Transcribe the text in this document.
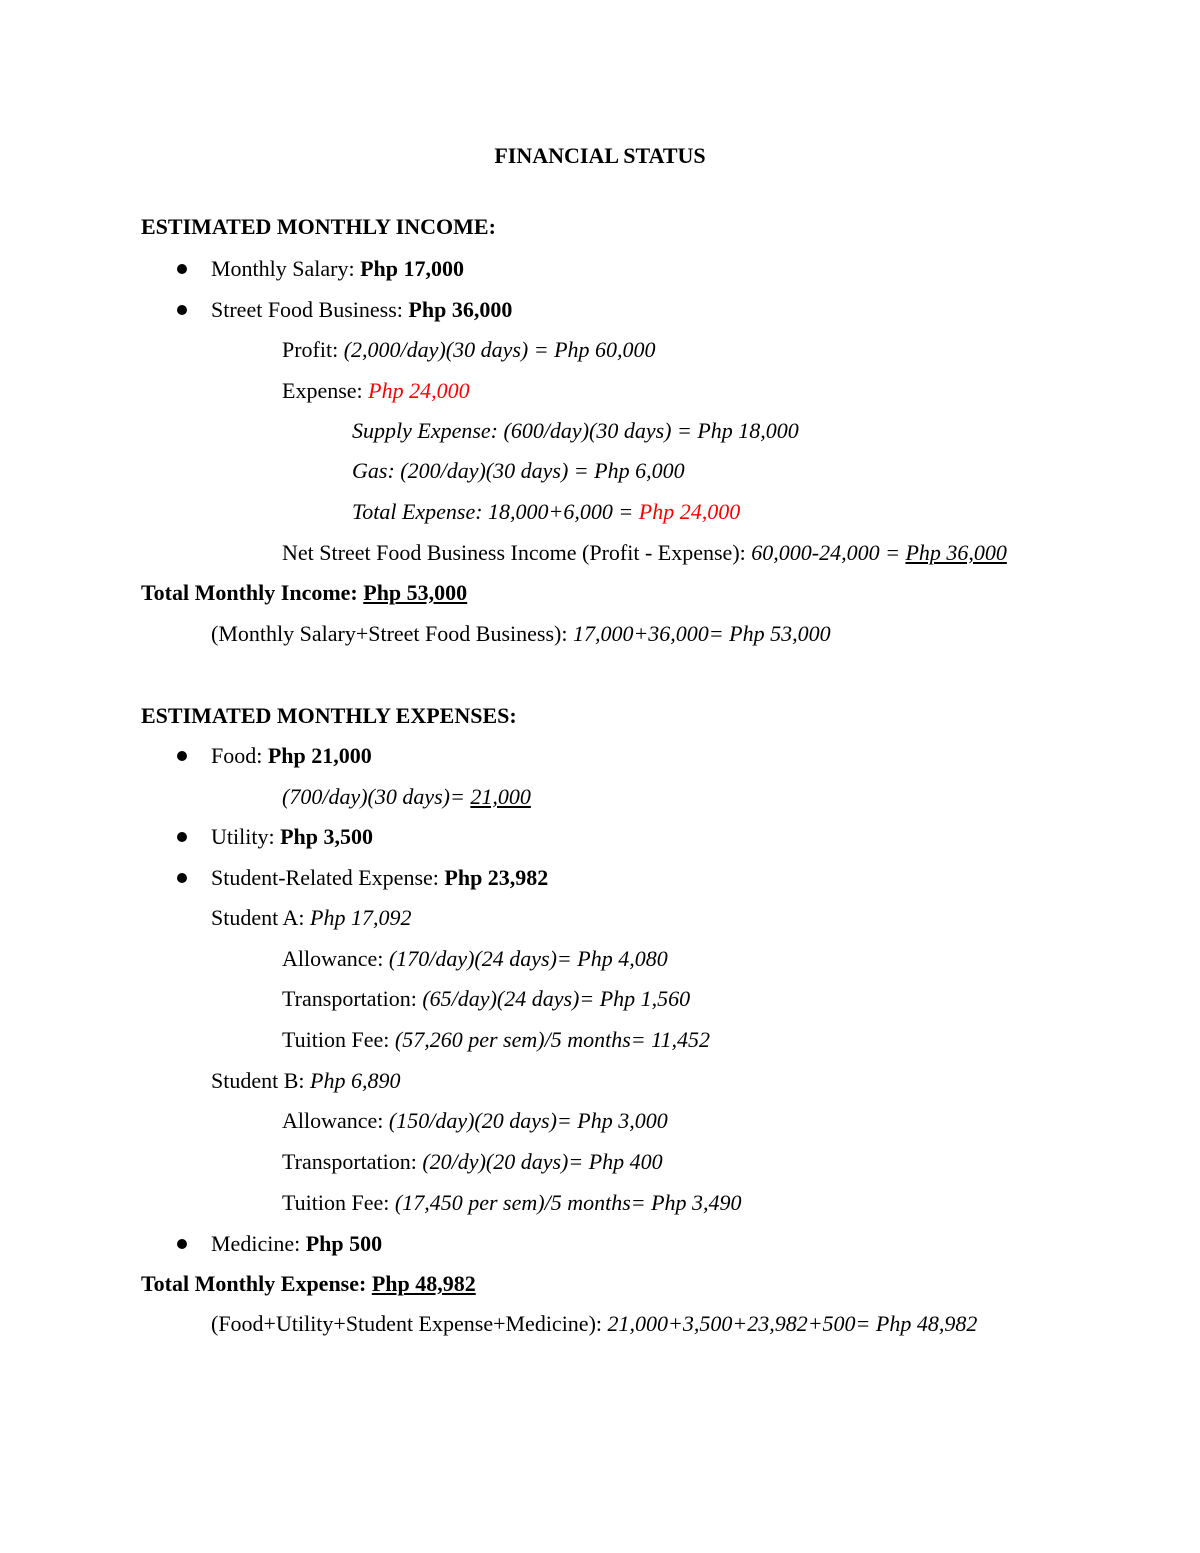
FINANCIAL STATUS
ESTIMATED MONTHLY INCOME:
Monthly Salary: Php 17,000
Street Food Business: Php 36,000
Profit: (2,000/day)(30 days) = Php 60,000
Expense: Php 24,000
Supply Expense: (600/day)(30 days) = Php 18,000
Gas: (200/day)(30 days) = Php 6,000
Total Expense: 18,000+6,000 = Php 24,000
Net Street Food Business Income (Profit - Expense): 60,000-24,000 = Php 36,000
Total Monthly Income: Php 53,000
(Monthly Salary+Street Food Business): 17,000+36,000= Php 53,000
ESTIMATED MONTHLY EXPENSES:
Food: Php 21,000
(700/day)(30 days)= 21,000
Utility: Php 3,500
Student-Related Expense: Php 23,982
Student A: Php 17,092
Allowance: (170/day)(24 days)= Php 4,080
Transportation: (65/day)(24 days)= Php 1,560
Tuition Fee: (57,260 per sem)/5 months= 11,452
Student B: Php 6,890
Allowance: (150/day)(20 days)= Php 3,000
Transportation: (20/dy)(20 days)= Php 400
Tuition Fee: (17,450 per sem)/5 months= Php 3,490
Medicine: Php 500
Total Monthly Expense: Php 48,982
(Food+Utility+Student Expense+Medicine): 21,000+3,500+23,982+500= Php 48,982
